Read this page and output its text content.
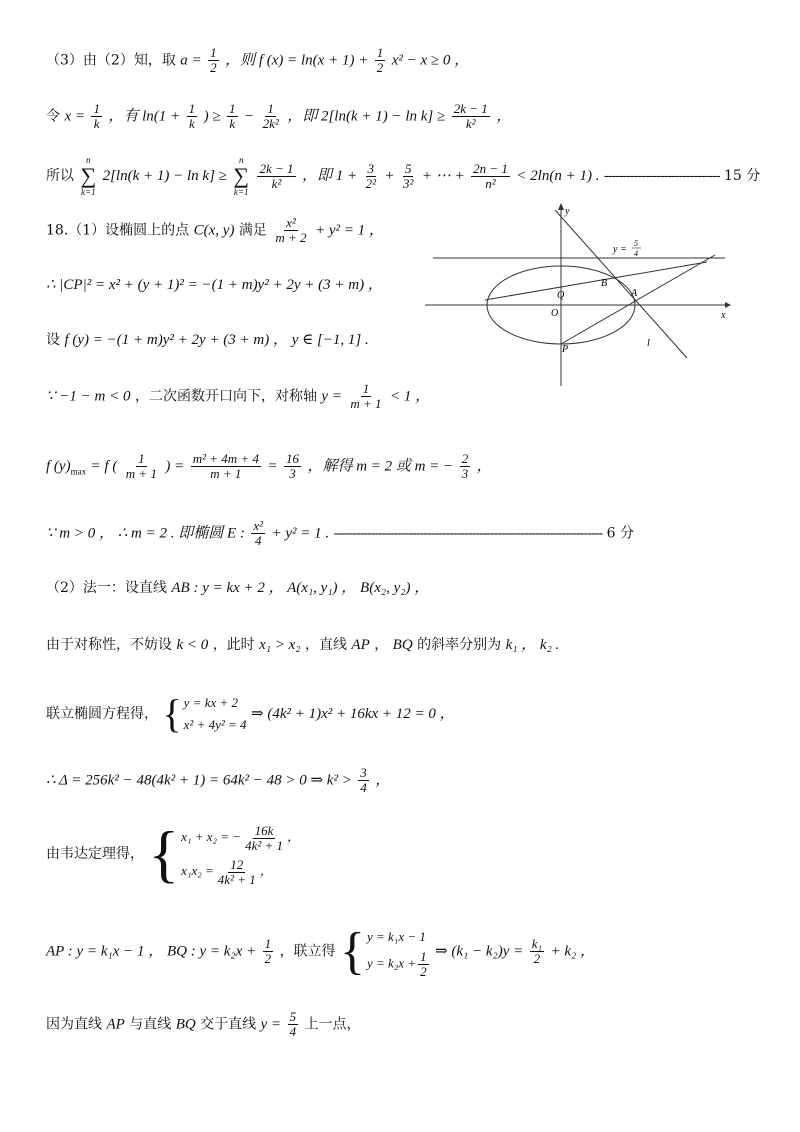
（3）由（2）知，取 $a = \frac{1}{2}$ ，则 f $(x) = \ln(x + 1) + \frac{1}{2} x^2 - x \ge 0$ ，
令 $x = \frac{1}{k}$ ，有 $\ln(1 + \frac{1}{k}$ ) ≥ $\frac{1}{k} - \frac{1}{\text{2k²}}$ ，即 $2[\ln(k + 1) - \ln k] \ge \frac{2k - 1}{\text{k²}}$ ，
所以
n
∑
k=1
2[ln(k + 1) − ln k] ≥
n
∑
k=1

$\frac{2k - 1}{\text{k²}}$ ，即 $1 + \frac{3}{\text{2²}} + \frac{5}{\text{3²}}$ + ⋯ + $\frac{2n - 1}{\text{n²}} < 2\ln(n + 1)$ . ------------------------------- 15 分
18.（1）设椭圆上的点 C(x, y) 满足 $\frac{\text{x²}}{m + 2} + y^2 = 1$ ，
∴ |CP|² = x² + (y + 1)² = −(1 + m)y² + 2y + (3 + m) ，
设 f (y) = −(1 + m)y² + 2y + (3 + m) ， y ∈ [−1, 1] .
∵ −1 − m < 0 ，二次函数开口向下，对称轴 $y = \frac{1}{m + 1} < 1$ ，
f $(y)_{max} = f$ ( $\frac{1}{m + 1}$ ) = $\frac{\text{m² + 4m + 4}}{m + 1} = \frac{16}{3}$ ，解得 m = 2 或 m = − $\frac{2}{3}$ ，
∵ m > 0 ， ∴ m = 2 . 即椭圆 E : $\frac{\text{x²}}{4} + y^2 = 1$ . ------------------------------------------------------------------------ 6 分
（2）法一：设直线 AB : y = kx + 2 ， A(x₁, y₁) ， B(x₂, y₂) ，
由于对称性，不妨设 k < 0 ，此时 x₁ > x₂ ，直线 AP ， BQ 的斜率分别为 k₁ ， k₂ .
联立椭圆方程得， { y = kx + 2
x² + 4y² = 4
⇒ (4k² + 1)x² + 16kx + 12 = 0 ，
∴ Δ = 256k² − 48(4k² + 1) = 64k² − 48 > 0 ⇒ $k^2 > \frac{3}{4}$ ，
由韦达定理得， { x₁ + x₂ = − $\frac{16k}{\text{4k² + 1}}$ ，
$x_1x_2 = \frac{12}{\text{4k² + 1}}$ ，
AP : y = k₁x − 1 ， BQ : $y = k_2x + \frac{1}{2}$ ，联立得 { y = k₁x − 1
$y = k_2x + \frac{1}{2}$ ⇒ $(k_1 - k_2)y = \frac{\text{k₁}}{2} + k_2$ ，
因为直线 AP 与直线 BQ 交于直线 $y = \frac{5}{4}$ 上一点，
y =
5
4
y
x
O
Q
B
A
P
l
